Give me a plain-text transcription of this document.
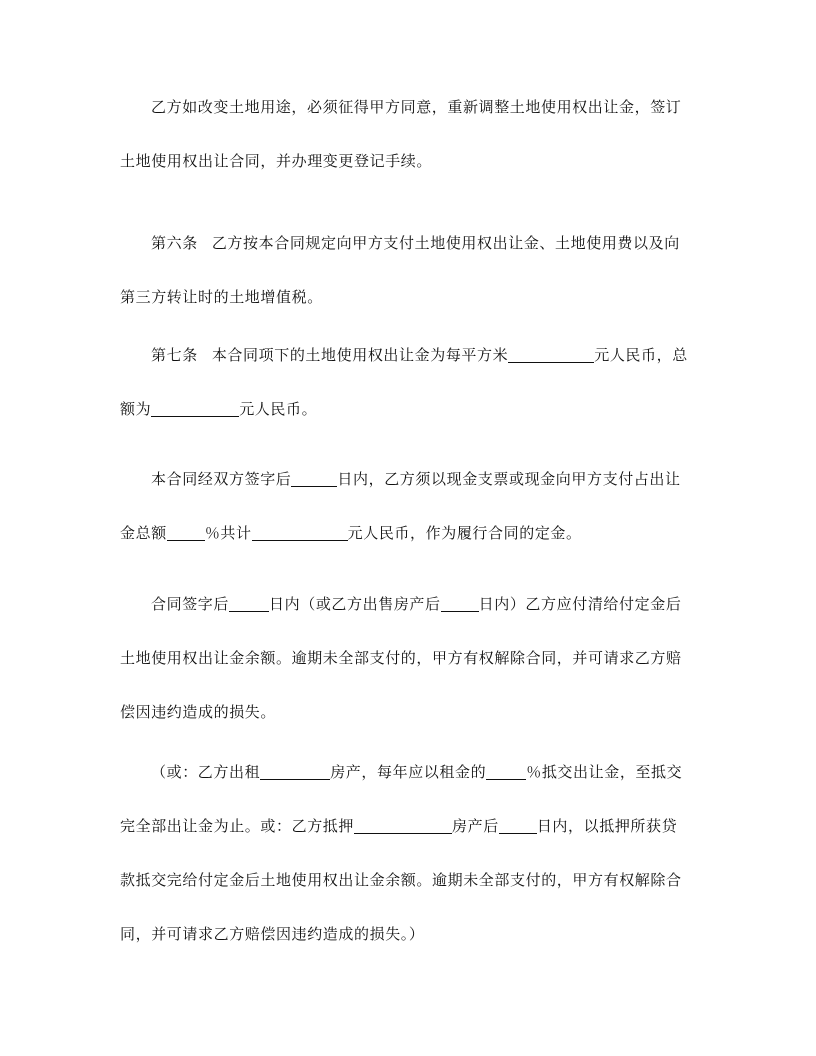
乙方如改变土地用途，必须征得甲方同意，重新调整土地使用权出让金，签订
土地使用权出让合同，并办理变更登记手续。
第六条 乙方按本合同规定向甲方支付土地使用权出让金、土地使用费以及向
第三方转让时的土地增值税。
第七条 本合同项下的土地使用权出让金为每平方米	元人民币，总
额为	元人民币。
本合同经双方签字后	日内，乙方须以现金支票或现金向甲方支付占出让
金总额	％共计	元人民币，作为履行合同的定金。
合同签字后	日内（或乙方出售房产后	日内）乙方应付清给付定金后
土地使用权出让金余额。逾期未全部支付的，甲方有权解除合同，并可请求乙方赔
偿因违约造成的损失。
（或：乙方出租	房产，每年应以租金的	％抵交出让金，至抵交
完全部出让金为止。或：乙方抵押	房产后	日内，以抵押所获贷
款抵交完给付定金后土地使用权出让金余额。逾期未全部支付的，甲方有权解除合
同，并可请求乙方赔偿因违约造成的损失。）
